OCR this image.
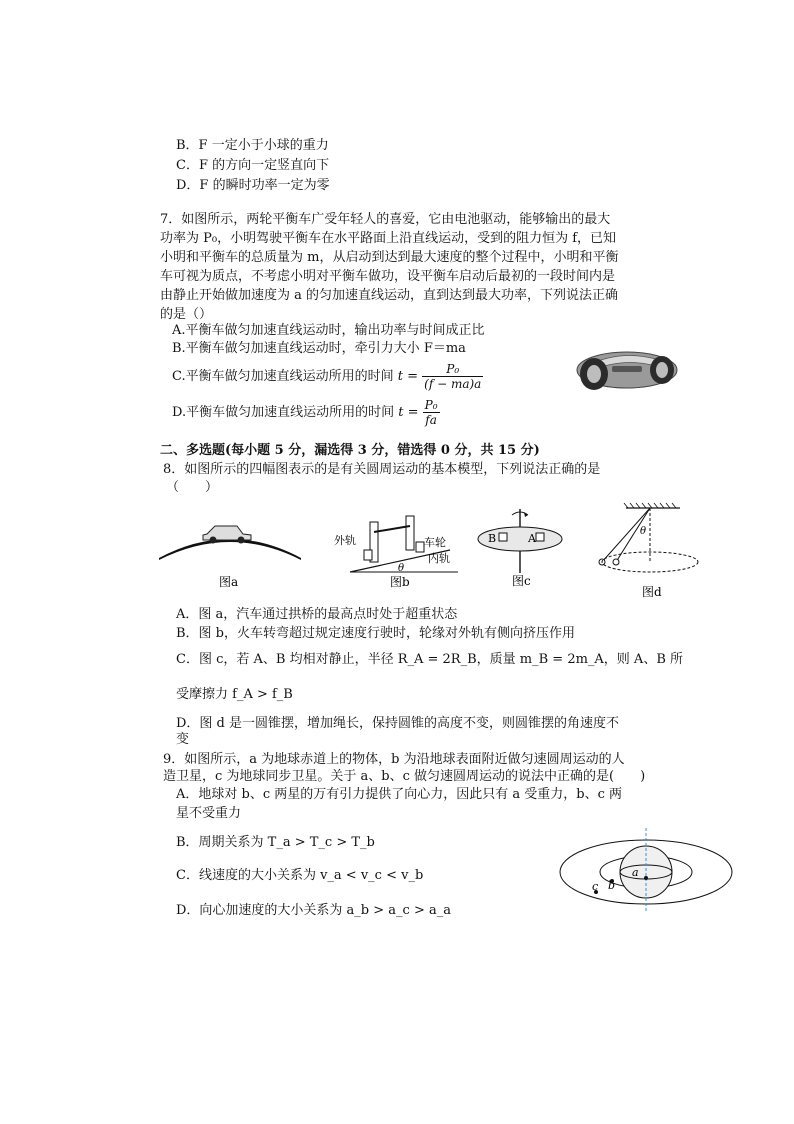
B．F 一定小于小球的重力
C．F 的方向一定竖直向下
D．F 的瞬时功率一定为零
7．如图所示，两轮平衡车广受年轻人的喜爱，它由电池驱动，能够输出的最大
功率为 P₀，小明驾驶平衡车在水平路面上沿直线运动，受到的阻力恒为 f，已知
小明和平衡车的总质量为 m，从启动到达到最大速度的整个过程中，小明和平衡
车可视为质点，不考虑小明对平衡车做功，设平衡车启动后最初的一段时间内是
由静止开始做加速度为 a 的匀加速直线运动，直到达到最大功率，下列说法正确
的是（）
A.平衡车做匀加速直线运动时，输出功率与时间成正比
B.平衡车做匀加速直线运动时，牵引力大小 F＝ma
C.平衡车做匀加速直线运动所用的时间 $t = \frac{\text{P₀}}{(f - ma)a}$
D.平衡车做匀加速直线运动所用的时间 $t = \frac{\text{P₀}}{fa}$
二、多选题(每小题 5 分，漏选得 3 分，错选得 0 分，共 15 分)
8．如图所示的四幅图表示的是有关圆周运动的基本模型，下列说法正确的是
（　　）
图a
外轨	车轮
内轨
θ
图b
B	A
图c
θ
图d
A．图 a，汽车通过拱桥的最高点时处于超重状态
B．图 b，火车转弯超过规定速度行驶时，轮缘对外轨有侧向挤压作用
C．图 c，若 A、B 均相对静止，半径 R_A = 2R_B，质量 m_B = 2m_A，则 A、B 所
受摩擦力 f_A > f_B
D．图 d 是一圆锥摆，增加绳长，保持圆锥的高度不变，则圆锥摆的角速度不
变
9．如图所示，a 为地球赤道上的物体，b 为沿地球表面附近做匀速圆周运动的人
造卫星，c 为地球同步卫星。关于 a、b、c 做匀速圆周运动的说法中正确的是(　　)
A．地球对 b、c 两星的万有引力提供了向心力，因此只有 a 受重力，b、c 两
星不受重力
B．周期关系为 T_a > T_c > T_b
C．线速度的大小关系为 v_a < v_c < v_b
D．向心加速度的大小关系为 a_b > a_c > a_a
a
b
c
